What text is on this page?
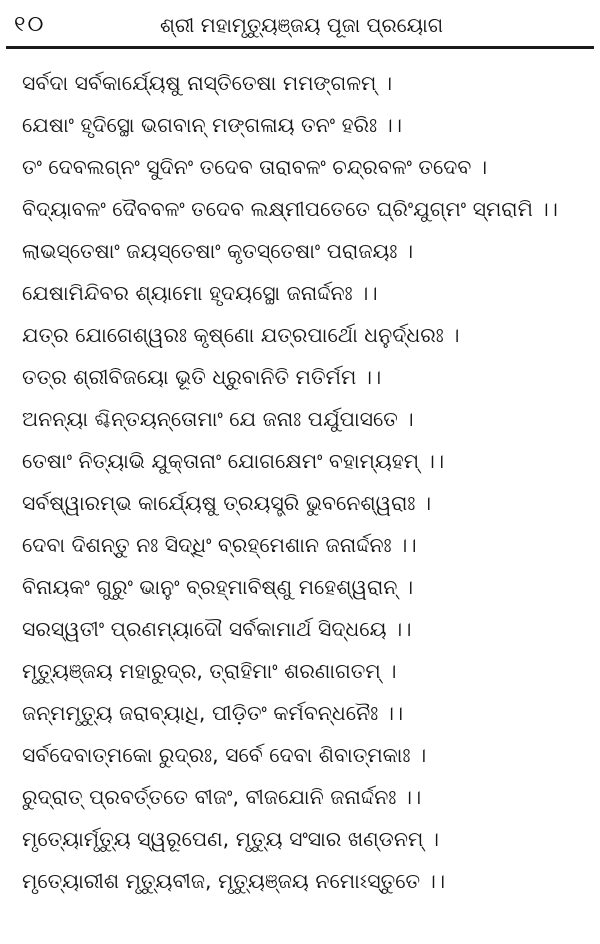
୧୦	ଶ୍ରୀ ମହାମୃତ୍ୟୁଞ୍ଜୟ ପୂଜା ପ୍ରୟୋଗ
ସର୍ବଦା ସର୍ବକାର୍ଯ୍ୟେଷୁ ନାସ୍ତିତେଷା ମମଙ୍ଗଳମ୍ ।
ଯେଷାଂ ହୃଦିସ୍ଥୋ ଭଗବାନ୍ ମଙ୍ଗଳାୟ ତନଂ ହରିଃ ।।
ତଂ ଦେବଲଗ୍ନଂ ସୁଦିନଂ ତଦେବ ତାରାବଳଂ ଚନ୍ଦ୍ରବଳଂ ତଦେବ ।
ବିଦ୍ୟାବଳଂ ଦୈବବଳଂ ତଦେବ ଲକ୍ଷ୍ମୀପତେତେ ଘ୍ରିଂଯୁଗ୍ମଂ ସ୍ମରାମି ।।
ଲାଭସ୍ତେଷାଂ ଜୟସ୍ତେଷାଂ କୃତସ୍ତେଷାଂ ପରାଜୟଃ ।
ଯେଷାମିନ୍ଦିବର ଶ୍ୟାମୋ ହୃଦୟସ୍ଥୋ ଜନାର୍ଦ୍ଦନଃ ।।
ଯତ୍ର ଯୋଗେଶ୍ୱରଃ କୃଷ୍ଣୋ ଯତ୍ରପାର୍ଥୋ ଧନୁର୍ଦ୍ଧରଃ ।
ତତ୍ର ଶ୍ରୀବିଜୟୋ ଭୂତି ଧ୍ରୁବାନିତି ମତିର୍ମମ ।।
ଅନନ୍ୟା ଶ୍ଚିନ୍ତୟନ୍ତୋମାଂ ଯେ ଜନାଃ ପର୍ଯୁପାସତେ ।
ତେଷାଂ ନିତ୍ୟାଭି ଯୁକ୍ତାନାଂ ଯୋଗକ୍ଷେମଂ ବହାମ୍ୟହମ୍ ।।
ସର୍ବଷ୍ୱାରମ୍ଭ କାର୍ଯ୍ୟେଷୁ ତ୍ରୟସ୍ତ୍ରି ଭୁବନେଶ୍ୱରାଃ ।
ଦେବା ଦିଶନ୍ତୁ ନଃ ସିଦ୍ଧିଂ ବ୍ରହ୍ମେଶାନ ଜନାର୍ଦ୍ଦନଃ ।।
ବିନାୟକଂ ଗୁରୁଂ ଭାନୁଂ ବ୍ରହ୍ମାବିଷ୍ଣୁ ମହେଶ୍ୱରାନ୍ ।
ସରସ୍ୱତୀଂ ପ୍ରଣମ୍ୟାଦୌ ସର୍ବକାମାର୍ଥ ସିଦ୍ଧୟେ ।।
ମୃତ୍ୟୁଞ୍ଜୟ ମହାରୁଦ୍ର, ତ୍ରାହିମାଂ ଶରଣାଗତମ୍ ।
ଜନ୍ମମୃତ୍ୟୁ ଜରାବ୍ୟାଧି, ପୀଡ଼ିତଂ କର୍ମବନ୍ଧନୈଃ ।।
ସର୍ବଦେବାତ୍ମକୋ ରୁଦ୍ରଃ, ସର୍ବେ ଦେବା ଶିବାତ୍ମକାଃ ।
ରୁଦ୍ରାତ୍ ପ୍ରବର୍ତ୍ତତେ ବୀଜଂ, ବୀଜଯୋନି ଜନାର୍ଦ୍ଦନଃ ।।
ମୃତ୍ୟୋର୍ମୃତ୍ୟୁ ସ୍ୱରୂପେଣ, ମୃତ୍ୟୁ ସଂସାର ଖଣ୍ଡନମ୍ ।
ମୃତ୍ୟୋରୀଶ ମୃତ୍ୟୁବୀଜ, ମୃତ୍ୟୁଞ୍ଜୟ ନମୋଽସ୍ତୁତେ ।।
